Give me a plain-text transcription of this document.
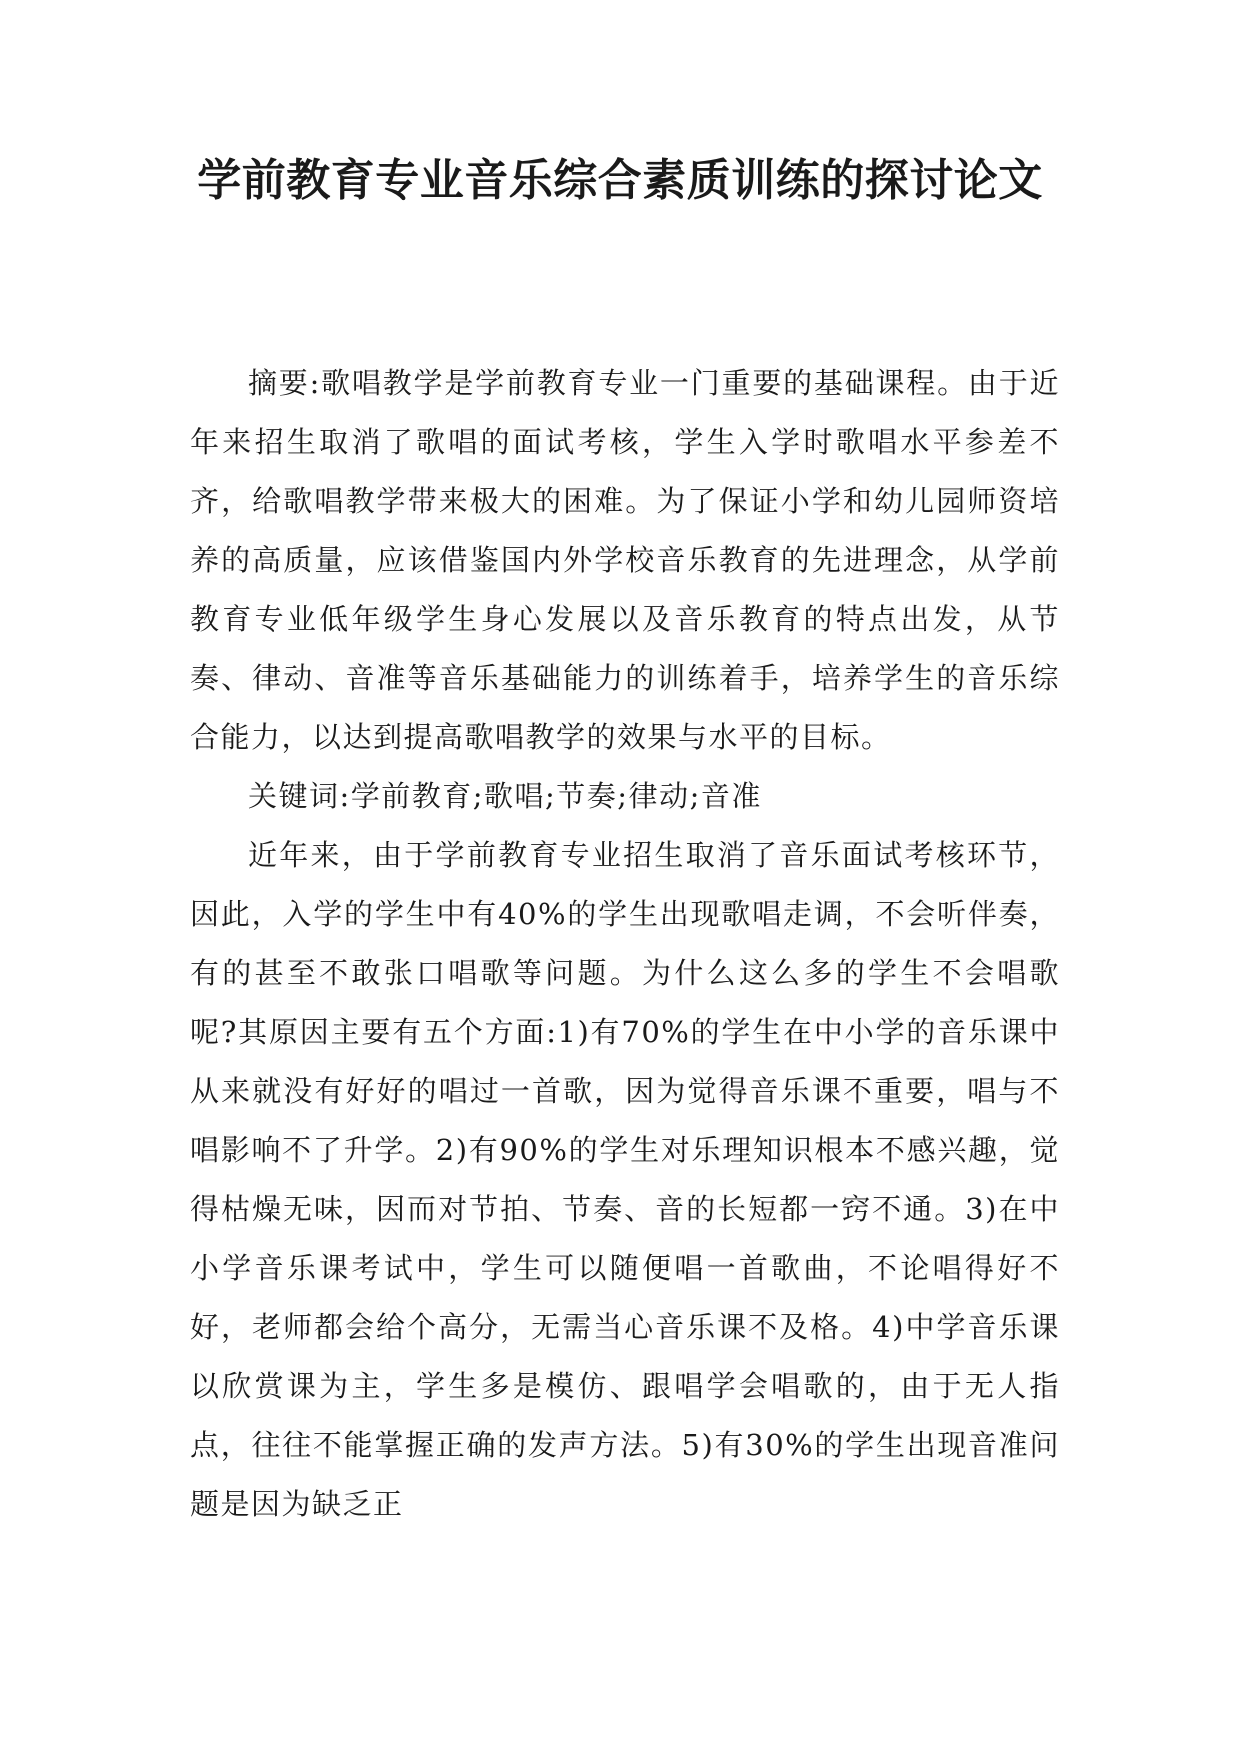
学前教育专业音乐综合素质训练的探讨论文

摘要:歌唱教学是学前教育专业一门重要的基础课程。由于近年来招生取消了歌唱的面试考核，学生入学时歌唱水平参差不齐，给歌唱教学带来极大的困难。为了保证小学和幼儿园师资培养的高质量，应该借鉴国内外学校音乐教育的先进理念，从学前教育专业低年级学生身心发展以及音乐教育的特点出发，从节奏、律动、音准等音乐基础能力的训练着手，培养学生的音乐综合能力，以达到提高歌唱教学的效果与水平的目标。

关键词:学前教育;歌唱;节奏;律动;音准

近年来，由于学前教育专业招生取消了音乐面试考核环节，因此，入学的学生中有40%的学生出现歌唱走调，不会听伴奏，有的甚至不敢张口唱歌等问题。为什么这么多的学生不会唱歌呢?其原因主要有五个方面:1)有70%的学生在中小学的音乐课中从来就没有好好的唱过一首歌，因为觉得音乐课不重要，唱与不唱影响不了升学。2)有90%的学生对乐理知识根本不感兴趣，觉得枯燥无味，因而对节拍、节奏、音的长短都一窍不通。3)在中小学音乐课考试中，学生可以随便唱一首歌曲，不论唱得好不好，老师都会给个高分，无需当心音乐课不及格。4)中学音乐课以欣赏课为主，学生多是模仿、跟唱学会唱歌的，由于无人指点，往往不能掌握正确的发声方法。5)有30%的学生出现音准问题是因为缺乏正
